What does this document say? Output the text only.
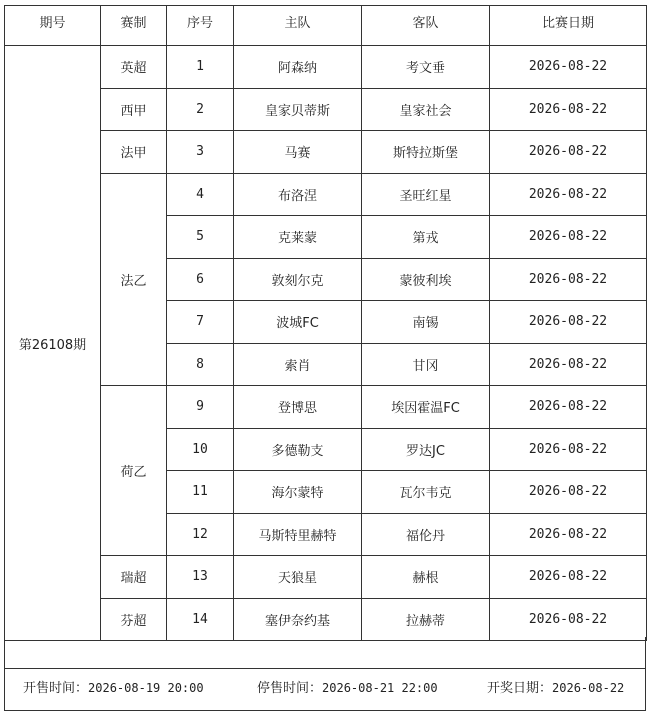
期号	赛制	序号	主队	客队	比赛日期
第26108期	英超	1	阿森纳	考文垂	2026-08-22
	西甲	2	皇家贝蒂斯	皇家社会	2026-08-22
	法甲	3	马赛	斯特拉斯堡	2026-08-22
	法乙	4	布洛涅	圣旺红星	2026-08-22
		5	克莱蒙	第戎	2026-08-22
		6	敦刻尔克	蒙彼利埃	2026-08-22
		7	波城FC	南锡	2026-08-22
		8	索肖	甘冈	2026-08-22
	荷乙	9	登博思	埃因霍温FC	2026-08-22
		10	多德勒支	罗达JC	2026-08-22
		11	海尔蒙特	瓦尔韦克	2026-08-22
		12	马斯特里赫特	福伦丹	2026-08-22
	瑞超	13	天狼星	赫根	2026-08-22
	芬超	14	塞伊奈约基	拉赫蒂	2026-08-22
开售时间：2026-08-19 20:00	停售时间：2026-08-21 22:00	开奖日期：2026-08-22
